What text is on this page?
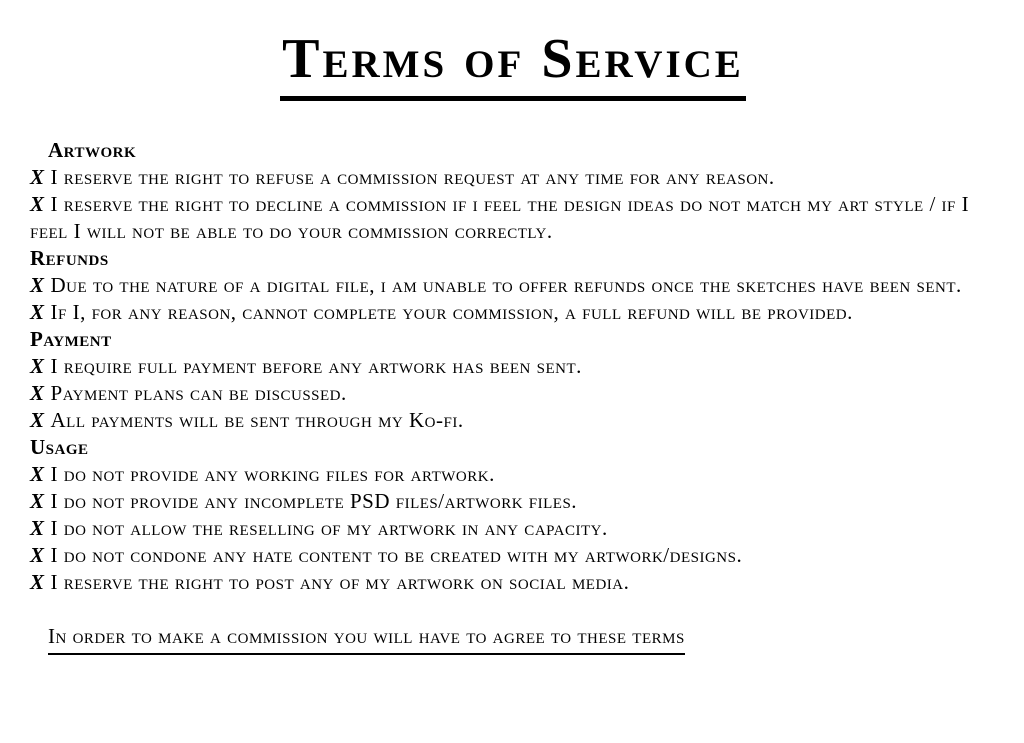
Terms of Service
Artwork

X I reserve the right to refuse a commission request at any time for any reason.

X I reserve the right to decline a commission if i feel the design ideas do not match my art style / if I feel I will not be able to do your commission correctly.

Refunds

X Due to the nature of a digital file, i am unable to offer refunds once the sketches have been sent.

X If I, for any reason, cannot complete your commission, a full refund will be provided.

Payment

X I require full payment before any artwork has been sent.

X Payment plans can be discussed.

X All payments will be sent through my Ko-fi.

Usage

X I do not provide any working files for artwork.

X I do not provide any incomplete PSD files/artwork files.

X I do not allow the reselling of my artwork in any capacity.

X I do not condone any hate content to be created with my artwork/designs.

X I reserve the right to post any of my artwork on social media.

In order to make a commission you will have to agree to these terms
